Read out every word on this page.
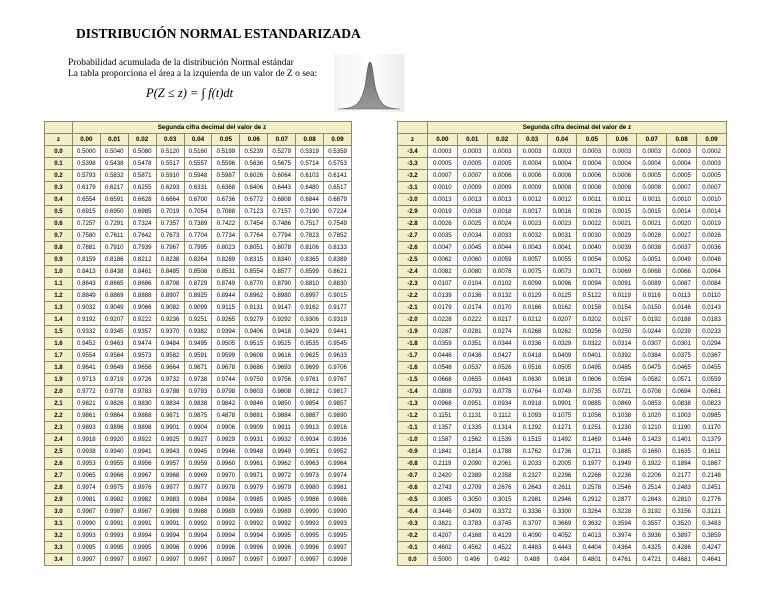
DISTRIBUCIÓN NORMAL ESTANDARIZADA
Probabilidad acumulada de la distribución Normal estándar
La tabla proporciona el área a la izquierda de un valor de Z o sea:
P(Z ≤ z) = ∫ f(t)dt
	Segunda cifra decimal del valor de z									
z	0.00	0.01	0.02	0.03	0.04	0.05	0.06	0.07	0.08	0.09
0.0	0.5000	0.5040	0.5080	0.5120	0.5160	0.5199	0.5239	0.5279	0.5319	0.5359
0.1	0.5398	0.5438	0.5478	0.5517	0.5557	0.5596	0.5636	0.5675	0.5714	0.5753
0.2	0.5793	0.5832	0.5871	0.5910	0.5948	0.5987	0.6026	0.6064	0.6103	0.6141
0.3	0.6179	0.6217	0.6255	0.6293	0.6331	0.6368	0.6406	0.6443	0.6480	0.6517
0.4	0.6554	0.6591	0.6628	0.6664	0.6700	0.6736	0.6772	0.6808	0.6844	0.6879
0.5	0.6915	0.6950	0.6985	0.7019	0.7054	0.7088	0.7123	0.7157	0.7190	0.7224
0.6	0.7257	0.7291	0.7324	0.7357	0.7389	0.7422	0.7454	0.7486	0.7517	0.7549
0.7	0.7580	0.7611	0.7642	0.7673	0.7704	0.7734	0.7764	0.7794	0.7823	0.7852
0.8	0.7881	0.7910	0.7939	0.7967	0.7995	0.8023	0.8051	0.8078	0.8106	0.8133
0.9	0.8159	0.8186	0.8212	0.8238	0.8264	0.8289	0.8315	0.8340	0.8365	0.8389
1.0	0.8413	0.8438	0.8461	0.8485	0.8508	0.8531	0.8554	0.8577	0.8599	0.8621
1.1	0.8643	0.8665	0.8686	0.8708	0.8729	0.8749	0.8770	0.8790	0.8810	0.8830
1.2	0.8849	0.8869	0.8888	0.8907	0.8925	0.8944	0.8962	0.8980	0.8997	0.9015
1.3	0.9032	0.9049	0.9066	0.9082	0.9099	0.9115	0.9131	0.9147	0.9162	0.9177
1.4	0.9192	0.9207	0.9222	0.9236	0.9251	0.9265	0.9279	0.9292	0.9306	0.9319
1.5	0.9332	0.9345	0.9357	0.9370	0.9382	0.9394	0.9406	0.9418	0.9429	0.9441
1.6	0.9452	0.9463	0.9474	0.9484	0.9495	0.9505	0.9515	0.9525	0.9535	0.9545
1.7	0.9554	0.9564	0.9573	0.9582	0.9591	0.9599	0.9608	0.9616	0.9625	0.9633
1.8	0.9641	0.9649	0.9656	0.9664	0.9671	0.9678	0.9686	0.9693	0.9699	0.9706
1.9	0.9713	0.9719	0.9726	0.9732	0.9738	0.9744	0.9750	0.9756	0.9761	0.9767
2.0	0.9772	0.9778	0.9783	0.9788	0.9793	0.9798	0.9803	0.9808	0.9812	0.9817
2.1	0.9821	0.9826	0.9830	0.9834	0.9838	0.9842	0.9846	0.9850	0.9854	0.9857
2.2	0.9861	0.9864	0.9868	0.9871	0.9875	0.4878	0.9881	0.9884	0.9887	0.9890
2.3	0.9893	0.9896	0.9898	0.9901	0.9904	0.9906	0.9909	0.9911	0.9913	0.9916
2.4	0.9918	0.9920	0.9922	0.9925	0.9927	0.9929	0.9931	0.9932	0.9934	0.9936
2.5	0.9938	0.9940	0.9941	0.9943	0.9945	0.9946	0.9948	0.9949	0.9951	0.9952
2.6	0.9953	0.9955	0.9956	0.9957	0.9959	0.9960	0.9961	0.9962	0.9963	0.9964
2.7	0.9965	0.9966	0.9967	0.9968	0.9969	0.9970	0.9971	0.9972	0.9973	0.9974
2.8	0.9974	0.9975	0.9976	0.9977	0.9977	0.9978	0.9979	0.9979	0.9980	0.9981
2.9	0.9981	0.9982	0.9982	0.9983	0.9984	0.9984	0.9985	0.9985	0.9986	0.9986
3.0	0.9987	0.9987	0.9987	0.9988	0.9988	0.9989	0.9989	0.9989	0.9990	0.9990
3.1	0.9990	0.9991	0.9991	0.9991	0.9992	0.9992	0.9992	0.9992	0.9993	0.9993
3.2	0.9993	0.9993	0.9994	0.9994	0.9994	0.9994	0.9994	0.9995	0.9995	0.9995
3.3	0.9995	0.9995	0.9995	0.9996	0.9996	0.9996	0.9996	0.9996	0.9996	0.9997
3.4	0.9997	0.9997	0.9997	0.9997	0.9997	0.9997	0.9997	0.9997	0.9997	0.9998
	Segunda cifra decimal del valor de z									
z	0.00	0.01	0.02	0.03	0.04	0.05	0.06	0.07	0.08	0.09
-3.4	0.0003	0.0003	0.0003	0.0003	0.0003	0.0003	0.0003	0.0003	0.0003	0.0002
-3.3	0.0005	0.0005	0.0005	0.0004	0.0004	0.0004	0.0004	0.0004	0.0004	0.0003
-3.2	0.0007	0.0007	0.0006	0.0006	0.0006	0.0006	0.0006	0.0005	0.0005	0.0005
-3.1	0.0010	0.0009	0.0009	0.0009	0.0008	0.0008	0.0008	0.0008	0.0007	0.0007
-3.0	0.0013	0.0013	0.0013	0.0012	0.0012	0.0011	0.0011	0.0011	0.0010	0.0010
-2.9	0.0019	0.0018	0.0018	0.0017	0.0016	0.0016	0.0015	0.0015	0.0014	0.0014
-2.8	0.0026	0.0025	0.0024	0.0023	0.0023	0.0022	0.0021	0.0021	0.0020	0.0019
-2.7	0.0035	0.0034	0.0033	0.0032	0.0031	0.0030	0.0029	0.0028	0.0027	0.0026
-2.6	0.0047	0.0045	0.0044	0.0043	0.0041	0.0040	0.0039	0.0038	0.0037	0.0036
-2.5	0.0062	0.0060	0.0059	0.0057	0.0055	0.0054	0.0052	0.0051	0.0049	0.0048
-2.4	0.0082	0.0080	0.0078	0.0075	0.0073	0.0071	0.0069	0.0068	0.0066	0.0064
-2.3	0.0107	0.0104	0.0102	0.0099	0.0096	0.0094	0.0091	0.0089	0.0087	0.0084
-2.2	0.0139	0.0136	0.0132	0.0129	0.0125	0.5122	0.0119	0.0116	0.0113	0.0110
-2.1	0.0179	0.0174	0.0170	0.0166	0.0162	0.0158	0.0154	0.0150	0.0146	0.0143
-2.0	0.0228	0.0222	0.0217	0.0212	0.0207	0.0202	0.0197	0.0192	0.0188	0.0183
-1.9	0.0287	0.0281	0.0274	0.0268	0.0262	0.0256	0.0250	0.0244	0.0239	0.0233
-1.8	0.0359	0.0351	0.0344	0.0336	0.0329	0.0322	0.0314	0.0307	0.0301	0.0294
-1.7	0.0446	0.0436	0.0427	0.0418	0.0409	0.0401	0.0392	0.0384	0.0375	0.0367
-1.6	0.0548	0.0537	0.0526	0.0516	0.0505	0.0495	0.0485	0.0475	0.0465	0.0455
-1.5	0.0668	0.0655	0.0643	0.0630	0.0618	0.0606	0.0594	0.0582	0.0571	0.0559
-1.4	0.0808	0.0793	0.0778	0.0764	0.0749	0.0735	0.0721	0.0708	0.0694	0.0681
-1.3	0.0968	0.0951	0.0934	0.0918	0.0901	0.0885	0.0869	0.0853	0.0838	0.0823
-1.2	0.1151	0.1131	0.1112	0.1093	0.1075	0.1056	0.1038	0.1020	0.1003	0.0985
-1.1	0.1357	0.1335	0.1314	0.1292	0.1271	0.1251	0.1230	0.1210	0.1190	0.1170
-1.0	0.1587	0.1562	0.1539	0.1515	0.1492	0.1469	0.1446	0.1423	0.1401	0.1379
-0.9	0.1841	0.1814	0.1788	0.1762	0.1736	0.1711	0.1685	0.1660	0.1635	0.1611
-0.8	0.2119	0.2090	0.2061	0.2033	0.2005	0.1977	0.1949	0.1922	0.1894	0.1867
-0.7	0.2420	0.2389	0.2358	0.2327	0.2296	0.2266	0.2236	0.2206	0.2177	0.2148
-0.6	0.2743	0.2709	0.2676	0.2643	0.2611	0.2578	0.2546	0.2514	0.2483	0.2451
-0.5	0.3085	0.3050	0.3015	0.2981	0.2946	0.2912	0.2877	0.2843	0.2810	0.2776
-0.4	0.3446	0.3409	0.3372	0.3336	0.3300	0.3264	0.3228	0.3192	0.3156	0.3121
-0.3	0.3821	0.3783	0.3745	0.3707	0.3669	0.3632	0.3594	0.3557	0.3520	0.3483
-0.2	0.4207	0.4168	0.4129	0.4090	0.4052	0.4013	0.3974	0.3936	0.3897	0.3859
-0.1	0.4602	0.4562	0.4522	0.4483	0.4443	0.4404	0.4364	0.4325	0.4286	0.4247
0.0	0.5000	0.496	0.492	0.488	0.484	0.4801	0.4761	0.4721	0.4681	0.4641
